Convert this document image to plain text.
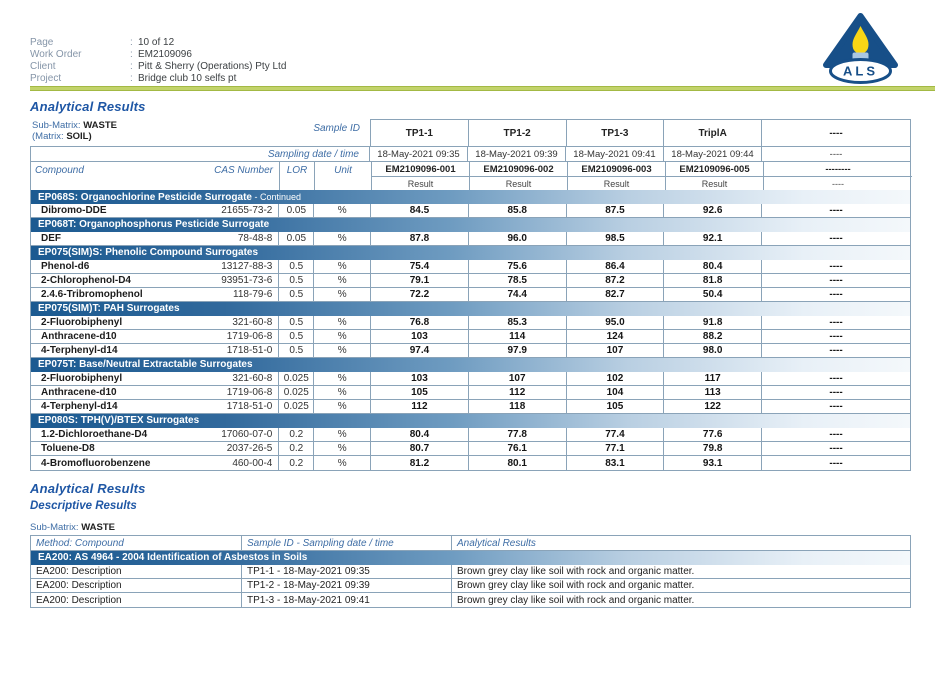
ALS
Page	: 10 of 12
Work Order	: EM2109096
Client	: Pitt & Sherry (Operations) Pty Ltd
Project	: Bridge club 10 selfs pt
Analytical Results
Sub-Matrix: WASTE
(Matrix: SOIL)
Sample ID	TP1-1	TP1-2	TP1-3	TriplA	----
Sampling date / time	18-May-2021 09:35	18-May-2021 09:39	18-May-2021 09:41	18-May-2021 09:44	----
Compound	CAS Number	LOR	Unit	EM2109096-001	EM2109096-002	EM2109096-003	EM2109096-005	--------
Result	Result	Result	Result	----
EP068S: Organochlorine Pesticide Surrogate - Continued
Dibromo-DDE	21655-73-2	0.05	%	84.5	85.8	87.5	92.6	----
EP068T: Organophosphorus Pesticide Surrogate
DEF	78-48-8	0.05	%	87.8	96.0	98.5	92.1	----
EP075(SIM)S: Phenolic Compound Surrogates
Phenol-d6	13127-88-3	0.5	%	75.4	75.6	86.4	80.4	----
2-Chlorophenol-D4	93951-73-6	0.5	%	79.1	78.5	87.2	81.8	----
2.4.6-Tribromophenol	118-79-6	0.5	%	72.2	74.4	82.7	50.4	----
EP075(SIM)T: PAH Surrogates
2-Fluorobiphenyl	321-60-8	0.5	%	76.8	85.3	95.0	91.8	----
Anthracene-d10	1719-06-8	0.5	%	103	114	124	88.2	----
4-Terphenyl-d14	1718-51-0	0.5	%	97.4	97.9	107	98.0	----
EP075T: Base/Neutral Extractable Surrogates
2-Fluorobiphenyl	321-60-8	0.025	%	103	107	102	117	----
Anthracene-d10	1719-06-8	0.025	%	105	112	104	113	----
4-Terphenyl-d14	1718-51-0	0.025	%	112	118	105	122	----
EP080S: TPH(V)/BTEX Surrogates
1.2-Dichloroethane-D4	17060-07-0	0.2	%	80.4	77.8	77.4	77.6	----
Toluene-D8	2037-26-5	0.2	%	80.7	76.1	77.1	79.8	----
4-Bromofluorobenzene	460-00-4	0.2	%	81.2	80.1	83.1	93.1	----
Analytical Results
Descriptive Results
Sub-Matrix: WASTE
Method: Compound	Sample ID - Sampling date / time	Analytical Results
EA200: AS 4964 - 2004 Identification of Asbestos in Soils
EA200: Description	TP1-1 - 18-May-2021 09:35	Brown grey clay like soil with rock and organic matter.
EA200: Description	TP1-2 - 18-May-2021 09:39	Brown grey clay like soil with rock and organic matter.
EA200: Description	TP1-3 - 18-May-2021 09:41	Brown grey clay like soil with rock and organic matter.
